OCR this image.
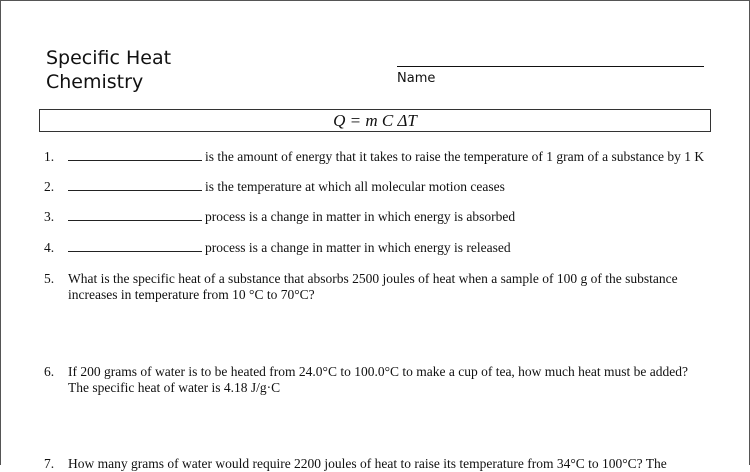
Specific Heat
Chemistry	Name
Q = m C ΔT
1.	is the amount of energy that it takes to raise the temperature of 1 gram of a substance by 1 K
2.	is the temperature at which all molecular motion ceases
3.	process is a change in matter in which energy is absorbed
4.	process is a change in matter in which energy is released
5. What is the specific heat of a substance that absorbs 2500 joules of heat when a sample of 100 g of the substance
increases in temperature from 10 °C to 70°C?
6. If 200 grams of water is to be heated from 24.0°C to 100.0°C to make a cup of tea, how much heat must be added?
The specific heat of water is 4.18 J/g·C
7. How many grams of water would require 2200 joules of heat to raise its temperature from 34°C to 100°C? The
